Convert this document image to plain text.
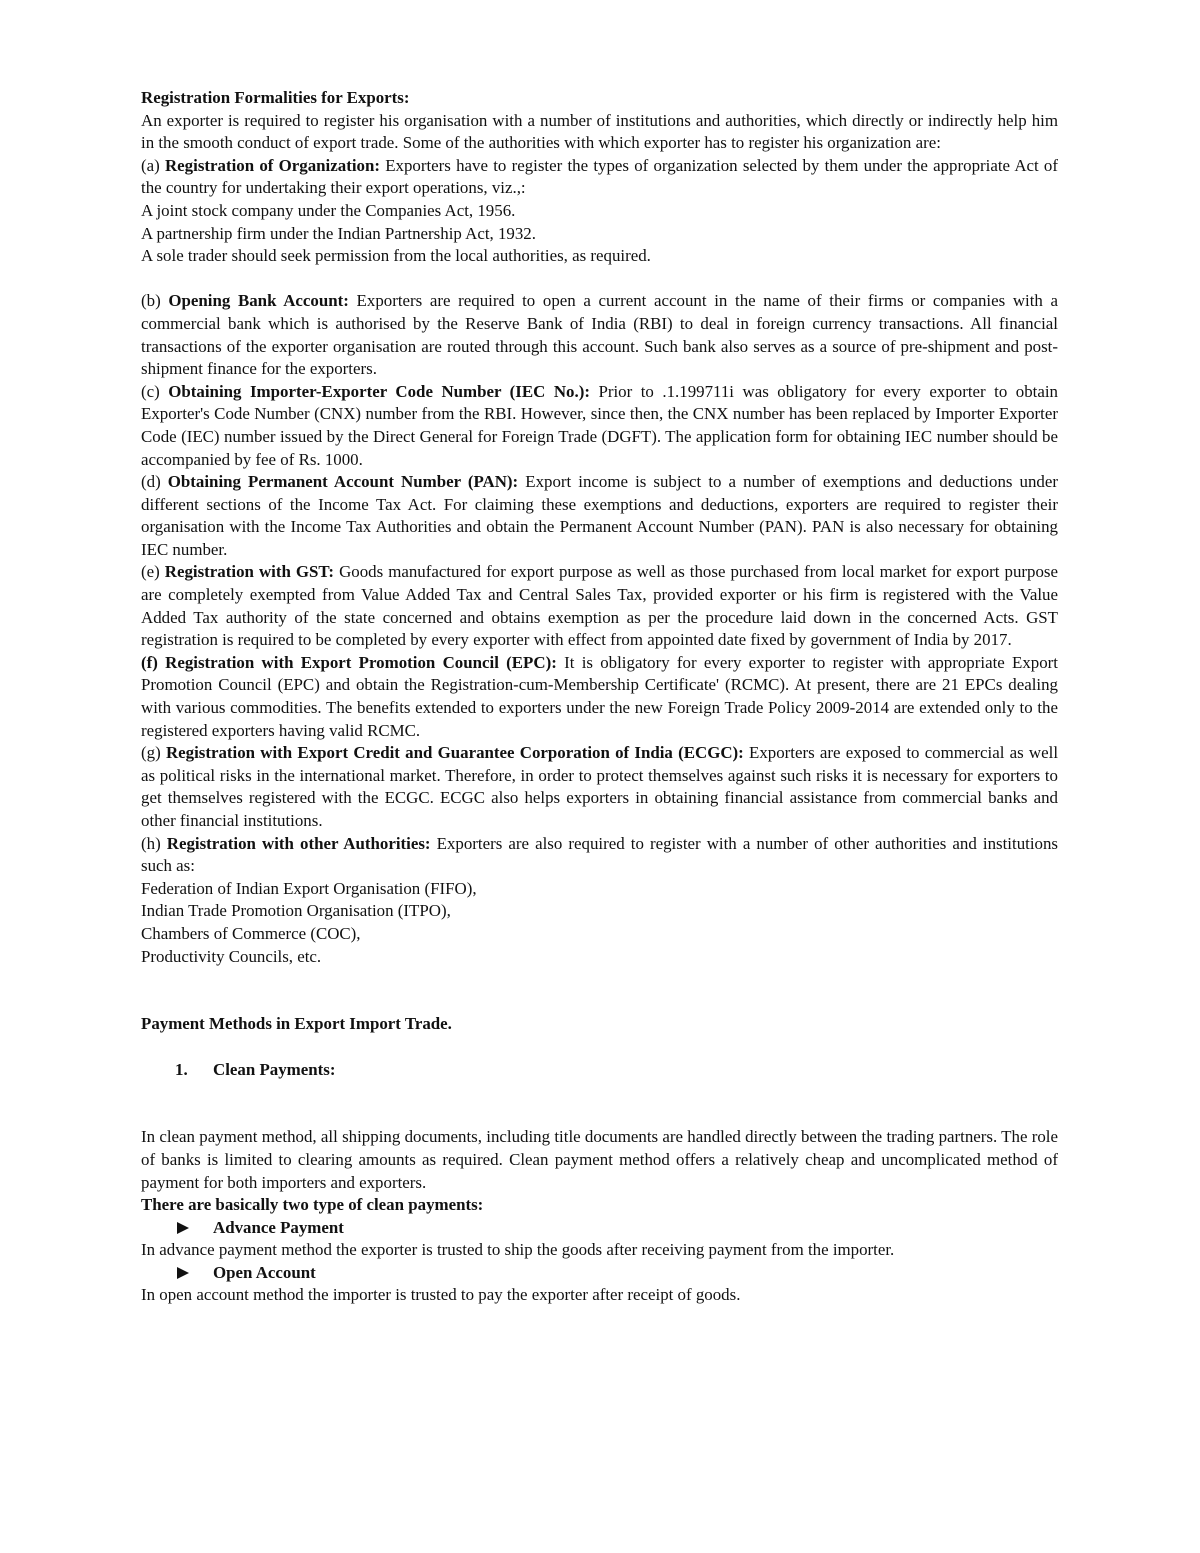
Registration Formalities for Exports:

An exporter is required to register his organisation with a number of institutions and authorities, which directly or indirectly help him in the smooth conduct of export trade. Some of the authorities with which exporter has to register his organization are:

(a) Registration of Organization: Exporters have to register the types of organization selected by them under the appropriate Act of the country for undertaking their export operations, viz.,:

A joint stock company under the Companies Act, 1956.

A partnership firm under the Indian Partnership Act, 1932.

A sole trader should seek permission from the local authorities, as required.

(b) Opening Bank Account: Exporters are required to open a current account in the name of their firms or companies with a commercial bank which is authorised by the Reserve Bank of India (RBI) to deal in foreign currency transactions. All financial transactions of the exporter organisation are routed through this account. Such bank also serves as a source of pre-shipment and post-shipment finance for the exporters.

(c) Obtaining Importer-Exporter Code Number (IEC No.): Prior to .1.199711i was obligatory for every exporter to obtain Exporter's Code Number (CNX) number from the RBI. However, since then, the CNX number has been replaced by Importer Exporter Code (IEC) number issued by the Direct General for Foreign Trade (DGFT). The application form for obtaining IEC number should be accompanied by fee of Rs. 1000.

(d) Obtaining Permanent Account Number (PAN): Export income is subject to a number of exemptions and deductions under different sections of the Income Tax Act. For claiming these exemptions and deductions, exporters are required to register their organisation with the Income Tax Authorities and obtain the Permanent Account Number (PAN). PAN is also necessary for obtaining IEC number.

(e) Registration with GST: Goods manufactured for export purpose as well as those purchased from local market for export purpose are completely exempted from Value Added Tax and Central Sales Tax, provided exporter or his firm is registered with the Value Added Tax authority of the state concerned and obtains exemption as per the procedure laid down in the concerned Acts. GST registration is required to be completed by every exporter with effect from appointed date fixed by government of India by 2017.

(f) Registration with Export Promotion Council (EPC): It is obligatory for every exporter to register with appropriate Export Promotion Council (EPC) and obtain the Registration-cum-Membership Certificate' (RCMC). At present, there are 21 EPCs dealing with various commodities. The benefits extended to exporters under the new Foreign Trade Policy 2009-2014 are extended only to the registered exporters having valid RCMC.

(g) Registration with Export Credit and Guarantee Corporation of India (ECGC): Exporters are exposed to commercial as well as political risks in the international market. Therefore, in order to protect themselves against such risks it is necessary for exporters to get themselves registered with the ECGC. ECGC also helps exporters in obtaining financial assistance from commercial banks and other financial institutions.

(h) Registration with other Authorities: Exporters are also required to register with a number of other authorities and institutions such as:

Federation of Indian Export Organisation (FIFO),

Indian Trade Promotion Organisation (ITPO),

Chambers of Commerce (COC),

Productivity Councils, etc.

Payment Methods in Export Import Trade.

1.	Clean Payments:

In clean payment method, all shipping documents, including title documents are handled directly between the trading partners. The role of banks is limited to clearing amounts as required. Clean payment method offers a relatively cheap and uncomplicated method of payment for both importers and exporters.

There are basically two type of clean payments:

Advance Payment

In advance payment method the exporter is trusted to ship the goods after receiving payment from the importer.

Open Account

In open account method the importer is trusted to pay the exporter after receipt of goods.
